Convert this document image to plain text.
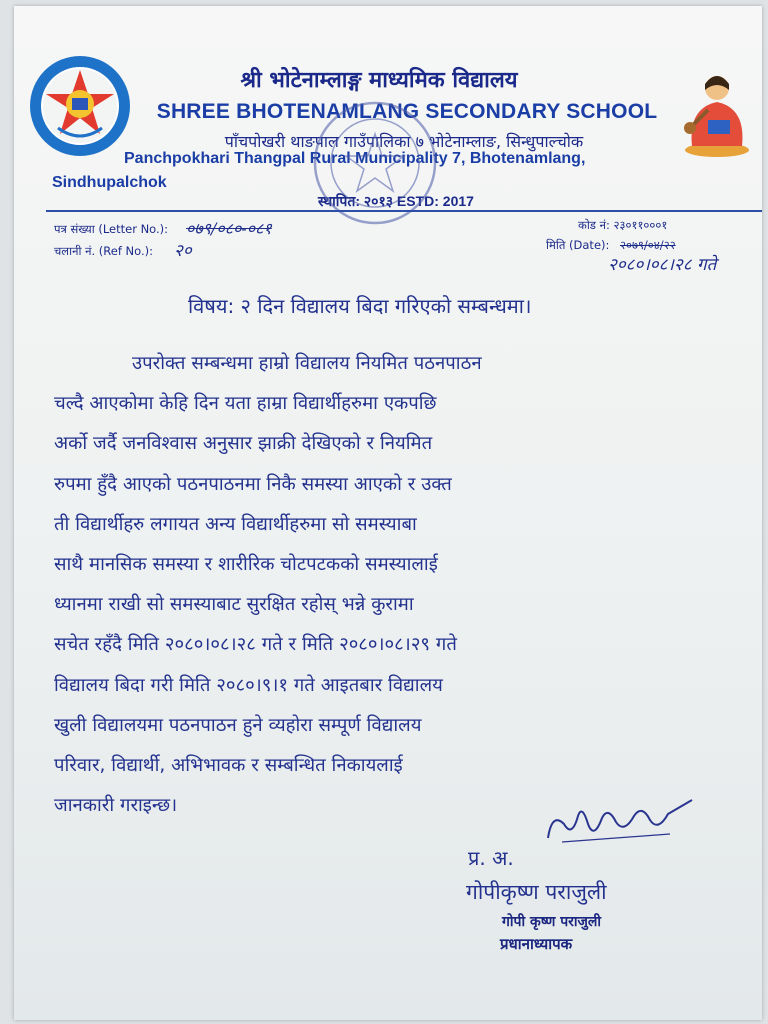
श्री भोटेनाम्लाङ्ग माध्यमिक विद्यालय
SHREE BHOTENAMLANG SECONDARY SCHOOL
पाँचपोखरी थाङपाल गाउँपालिका ७ भोटेनाम्लाङ, सिन्धुपाल्चोक
Panchpokhari Thangpal Rural Municipality 7, Bhotenamlang,
Sindhupalchok
स्थापित: २०१३ ESTD: 2017
पत्र संख्या (Letter No.): ०७९/०८०-०८१
चलानी नं. (Ref No.): २०
कोड नं: २३०११०००१
मिति (Date): २०७९/०४/२२
२०८०।०८।२८ गते
विषय: २ दिन विद्यालय बिदा गरिएको सम्बन्धमा।
उपरोक्त सम्बन्धमा हाम्रो विद्यालय नियमित पठनपाठन
चल्दै आएकोमा केहि दिन यता हाम्रा विद्यार्थीहरुमा एकपछि
अर्को जर्दै जनविश्वास अनुसार झाक्री देखिएको र नियमित
रुपमा हुँदै आएको पठनपाठनमा निकै समस्या आएको र उक्त
ती विद्यार्थीहरु लगायत अन्य विद्यार्थीहरुमा सो समस्याबा
साथै मानसिक समस्या र शारीरिक चोटपटकको समस्यालाई
ध्यानमा राखी सो समस्याबाट सुरक्षित रहोस् भन्ने कुरामा
सचेत रहँदै मिति २०८०।०८।२८ गते र मिति २०८०।०८।२९ गते
विद्यालय बिदा गरी मिति २०८०।९।१ गते आइतबार विद्यालय
खुली विद्यालयमा पठनपाठन हुने व्यहोरा सम्पूर्ण विद्यालय
परिवार, विद्यार्थी, अभिभावक र सम्बन्धित निकायलाई
जानकारी गराइन्छ।
प्र. अ.
गोपीकृष्ण पराजुली
गोपी कृष्ण पराजुली
प्रधानाध्यापक
